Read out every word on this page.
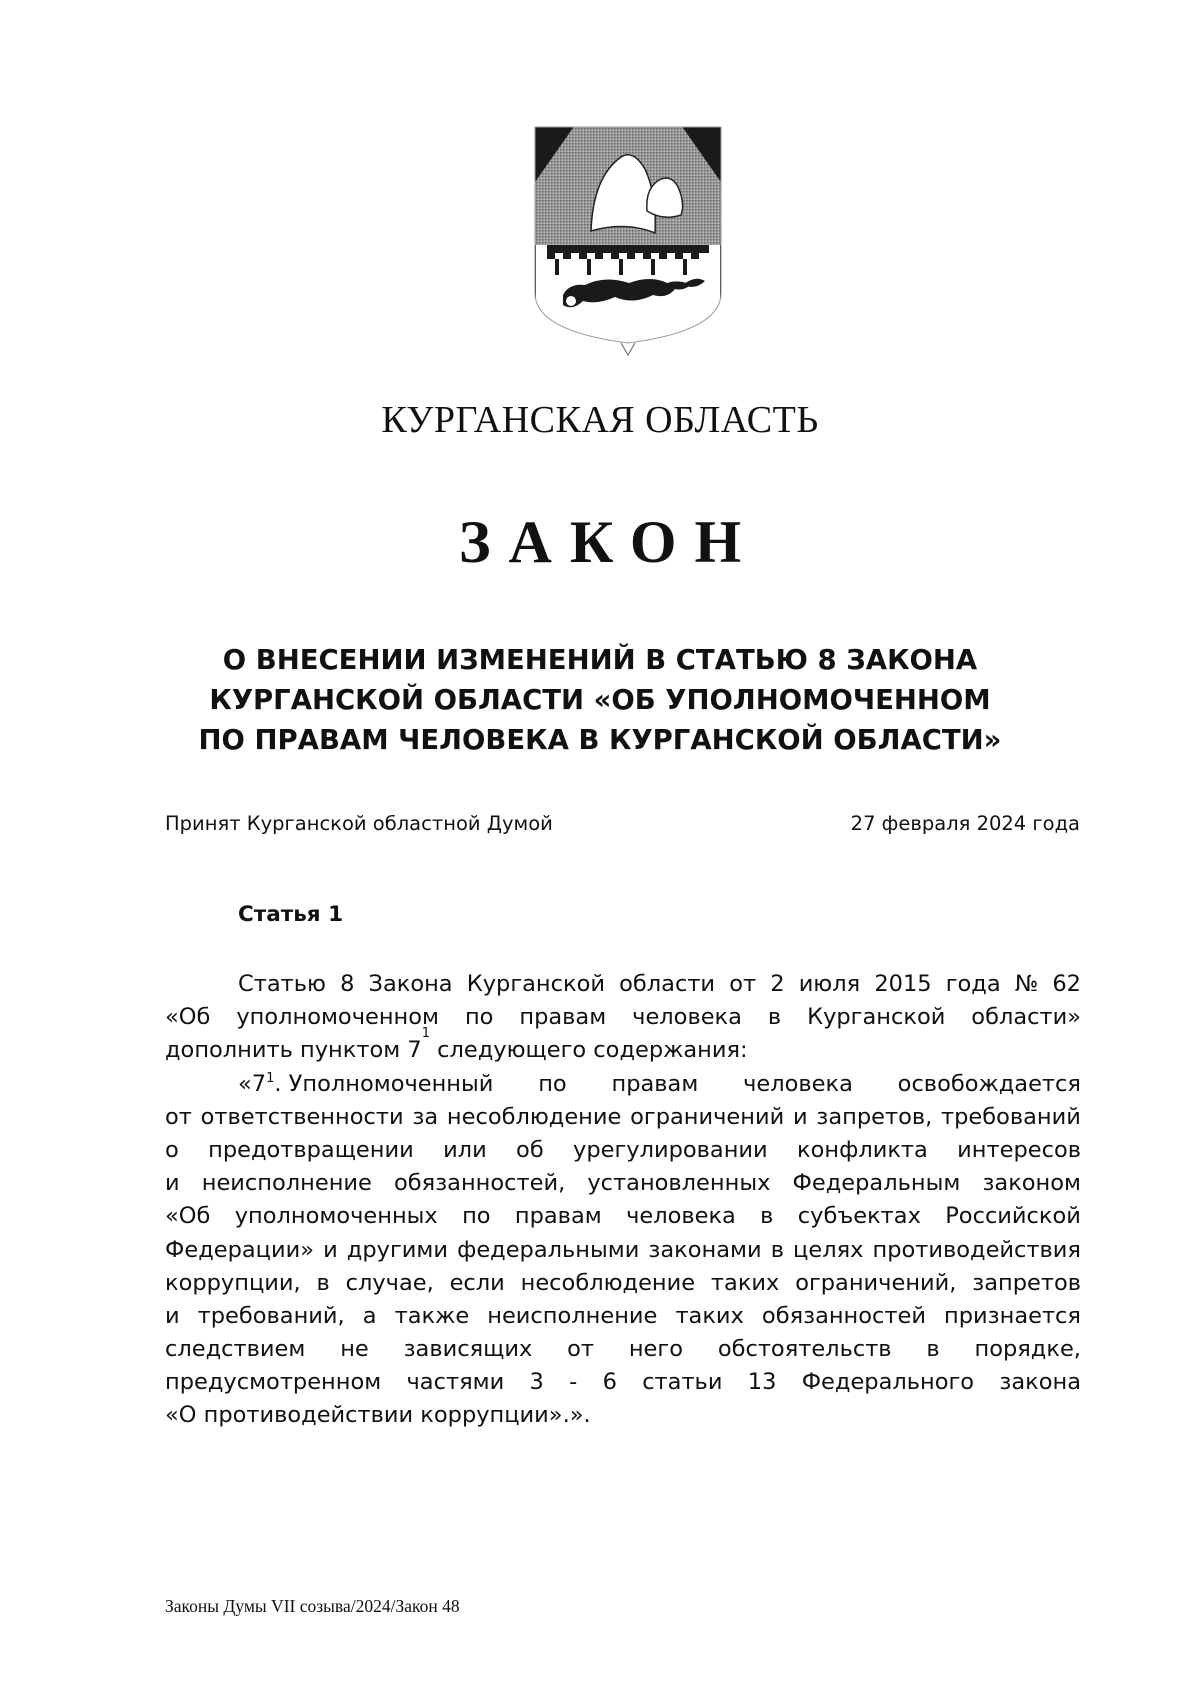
КУРГАНСКАЯ ОБЛАСТЬ
ЗАКОН
О ВНЕСЕНИИ ИЗМЕНЕНИЙ В СТАТЬЮ 8 ЗАКОНА
КУРГАНСКОЙ ОБЛАСТИ «ОБ УПОЛНОМОЧЕННОМ
ПО ПРАВАМ ЧЕЛОВЕКА В КУРГАНСКОЙ ОБЛАСТИ»
Принят Курганской областной Думой	27 февраля 2024 года
Статья 1
Статью 8 Закона Курганской области от 2 июля 2015 года № 62
«Об уполномоченном по правам человека в Курганской области»
дополнить пунктом 7
1
следующего содержания:
«$7^1$. Уполномоченный по правам человека освобождается
от ответственности за несоблюдение ограничений и запретов, требований
о предотвращении или об урегулировании конфликта интересов
и неисполнение обязанностей, установленных Федеральным законом
«Об уполномоченных по правам человека в субъектах Российской
Федерации» и другими федеральными законами в целях противодействия
коррупции, в случае, если несоблюдение таких ограничений, запретов
и требований, а также неисполнение таких обязанностей признается
следствием не зависящих от него обстоятельств в порядке,
предусмотренном частями 3 - 6 статьи 13 Федерального закона
«О противодействии коррупции».».
Законы Думы VII созыва/2024/Закон 48
